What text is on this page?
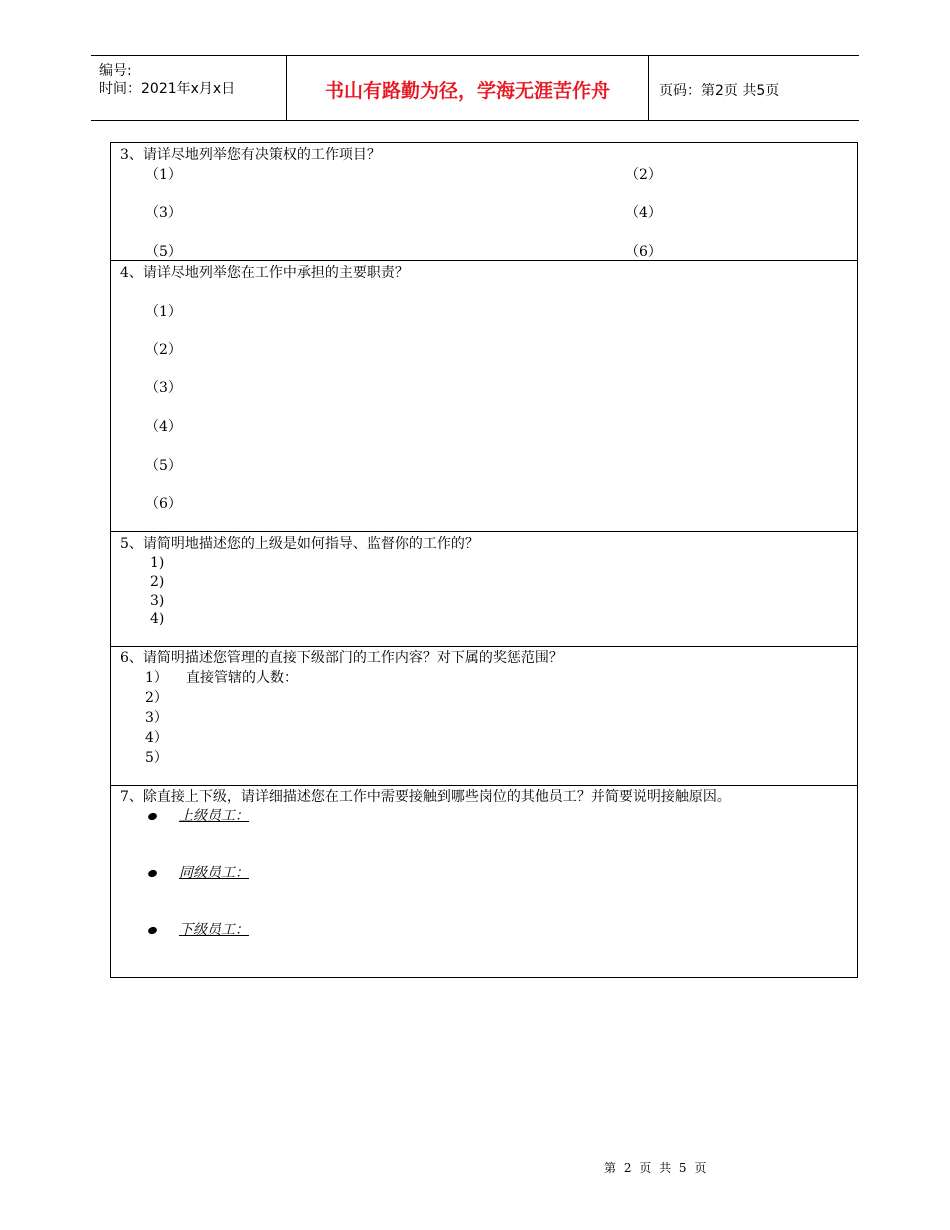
编号:
时间：2021年x月x日	书山有路勤为径，学海无涯苦作舟	页码：第2页 共5页
3、请详尽地列举您有决策权的工作项目？
（1）	（2）
（3）	（4）
（5）	（6）
4、请详尽地列举您在工作中承担的主要职责？
（1）
（2）
（3）
（4）
（5）
（6）
5、请简明地描述您的上级是如何指导、监督你的工作的？
1)
2)
3)
4)
6、请简明描述您管理的直接下级部门的工作内容？对下属的奖惩范围？
1） 直接管辖的人数：
2）
3）
4）
5）
7、除直接上下级，请详细描述您在工作中需要接触到哪些岗位的其他员工？并简要说明接触原因。
上级员工：
同级员工：
下级员工：
第 2 页 共 5 页
